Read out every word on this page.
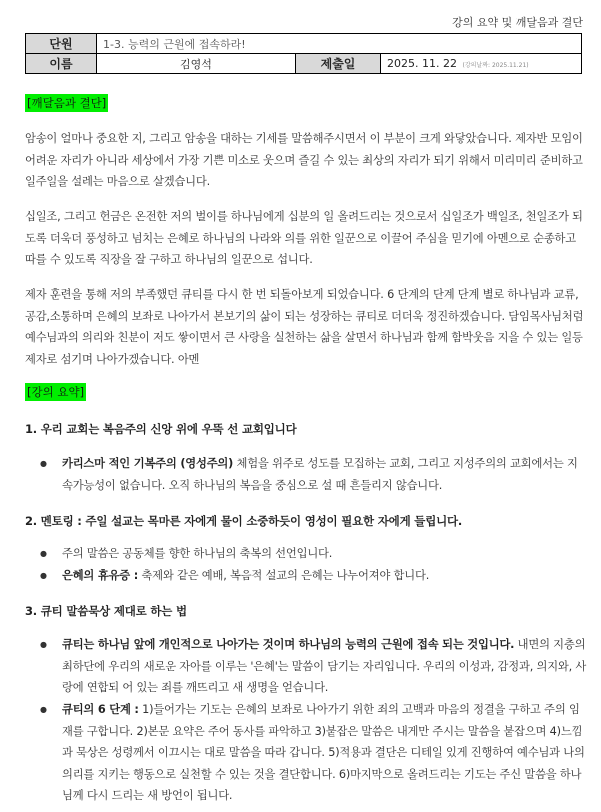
강의 요약 및 깨달음과 결단
단원	1-3. 능력의 근원에 접속하라!		
이름	김영석	제출일	2025. 11. 22 (강의날짜: 2025.11.21)
[깨달음과 결단]

암송이 얼마나 중요한 지, 그리고 암송을 대하는 기세를 말씀해주시면서 이 부분이 크게 와닿았습니다. 제자반 모임이 어려운 자리가 아니라 세상에서 가장 기쁜 미소로 웃으며 즐길 수 있는 최상의 자리가 되기 위해서 미리미리 준비하고 일주일을 설레는 마음으로 살겠습니다.

십일조, 그리고 헌금은 온전한 저의 벌이를 하나님에게 십분의 일 올려드리는 것으로서 십일조가 백일조, 천일조가 되도록 더욱더 풍성하고 넘치는 은혜로 하나님의 나라와 의를 위한 일꾼으로 이끌어 주심을 믿기에 아멘으로 순종하고 따를 수 있도록 직장을 잘 구하고 하나님의 일꾼으로 섭니다.

제자 훈련을 통해 저의 부족했던 큐티를 다시 한 번 되돌아보게 되었습니다. 6 단계의 단계 단계 별로 하나님과 교류,공감,소통하며 은혜의 보좌로 나아가서 본보기의 삶이 되는 성장하는 큐티로 더더욱 정진하겠습니다. 담임목사님처럼 예수님과의 의리와 친분이 저도 쌓이면서 큰 사랑을 실천하는 삶을 살면서 하나님과 함께 함박웃음 지을 수 있는 일등제자로 섬기며 나아가겠습니다. 아멘

[강의 요약]
1. 우리 교회는 복음주의 신앙 위에 우뚝 선 교회입니다
● 카리스마 적인 기복주의 (영성주의) 체험을 위주로 성도를 모집하는 교회, 그리고 지성주의의 교회에서는 지속가능성이 없습니다. 오직 하나님의 복음을 중심으로 설 때 흔들리지 않습니다.
2. 멘토링 : 주일 설교는 목마른 자에게 물이 소중하듯이 영성이 필요한 자에게 들립니다.
● 주의 말씀은 공동체를 향한 하나님의 축복의 선언입니다.
● 은혜의 휴유증 : 축제와 같은 예배, 복음적 설교의 은혜는 나누어져야 합니다.
3. 큐티 말씀묵상 제대로 하는 법
● 큐티는 하나님 앞에 개인적으로 나아가는 것이며 하나님의 능력의 근원에 접속 되는 것입니다. 내면의 지층의 최하단에 우리의 새로운 자아를 이루는 '은혜'는 말씀이 담기는 자리입니다. 우리의 이성과, 감정과, 의지와, 사랑에 연합되 어 있는 죄를 깨뜨리고 새 생명을 얻습니다.
● 큐티의 6 단계 : 1)들어가는 기도는 은혜의 보좌로 나아가기 위한 죄의 고백과 마음의 정결을 구하고 주의 임재를 구합니다. 2)본문 요약은 주어 동사를 파악하고 3)붙잡은 말씀은 내게만 주시는 말씀을 붙잡으며 4)느낌과 묵상은 성령께서 이끄시는 대로 말씀을 따라 갑니다. 5)적용과 결단은 디테일 있게 진행하여 예수님과 나의 의리를 지키는 행동으로 실천할 수 있는 것을 결단합니다. 6)마지막으로 올려드리는 기도는 주신 말씀을 하나님께 다시 드리는 새 방언이 됩니다.
